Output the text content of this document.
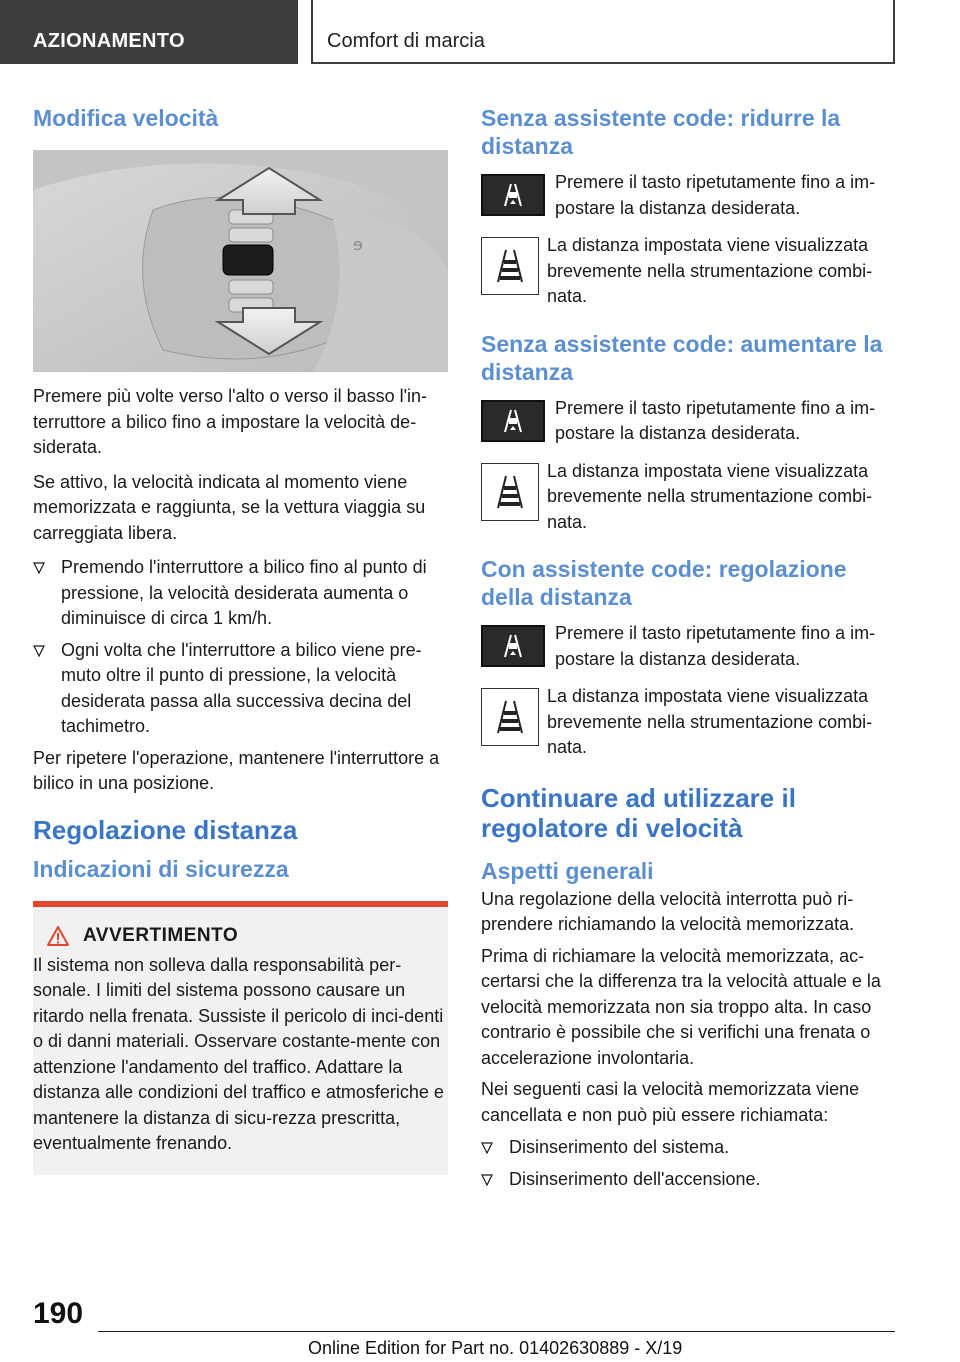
AZIONAMENTO	Comfort di marcia
Modifica velocità
ɘ
Premere più volte verso l'alto o verso il basso l'in-terruttore a bilico fino a impostare la velocità de-siderata.
Se attivo, la velocità indicata al momento viene memorizzata e raggiunta, se la vettura viaggia su carreggiata libera.
Premendo l'interruttore a bilico fino al punto di pressione, la velocità desiderata aumenta o diminuisce di circa 1 km/h.
Ogni volta che l'interruttore a bilico viene pre-muto oltre il punto di pressione, la velocità desiderata passa alla successiva decina del tachimetro.
Per ripetere l'operazione, mantenere l'interruttore a bilico in una posizione.
Regolazione distanza
Indicazioni di sicurezza
AVVERTIMENTO
Il sistema non solleva dalla responsabilità per-sonale. I limiti del sistema possono causare un ritardo nella frenata. Sussiste il pericolo di inci-denti o di danni materiali. Osservare costante-mente con attenzione l'andamento del traffico. Adattare la distanza alle condizioni del traffico e atmosferiche e mantenere la distanza di sicu-rezza prescritta, eventualmente frenando.
Senza assistente code: ridurre la distanza
Premere il tasto ripetutamente fino a im-postare la distanza desiderata.
La distanza impostata viene visualizzata brevemente nella strumentazione combi-nata.
Senza assistente code: aumentare la distanza
Premere il tasto ripetutamente fino a im-postare la distanza desiderata.
La distanza impostata viene visualizzata brevemente nella strumentazione combi-nata.
Con assistente code: regolazione della distanza
Premere il tasto ripetutamente fino a im-postare la distanza desiderata.
La distanza impostata viene visualizzata brevemente nella strumentazione combi-nata.
Continuare ad utilizzare il regolatore di velocità
Aspetti generali
Una regolazione della velocità interrotta può ri-prendere richiamando la velocità memorizzata.
Prima di richiamare la velocità memorizzata, ac-certarsi che la differenza tra la velocità attuale e la velocità memorizzata non sia troppo alta. In caso contrario è possibile che si verifichi una frenata o accelerazione involontaria.
Nei seguenti casi la velocità memorizzata viene cancellata e non può più essere richiamata:
Disinserimento del sistema.
Disinserimento dell'accensione.
190
Online Edition for Part no. 01402630889 - X/19
